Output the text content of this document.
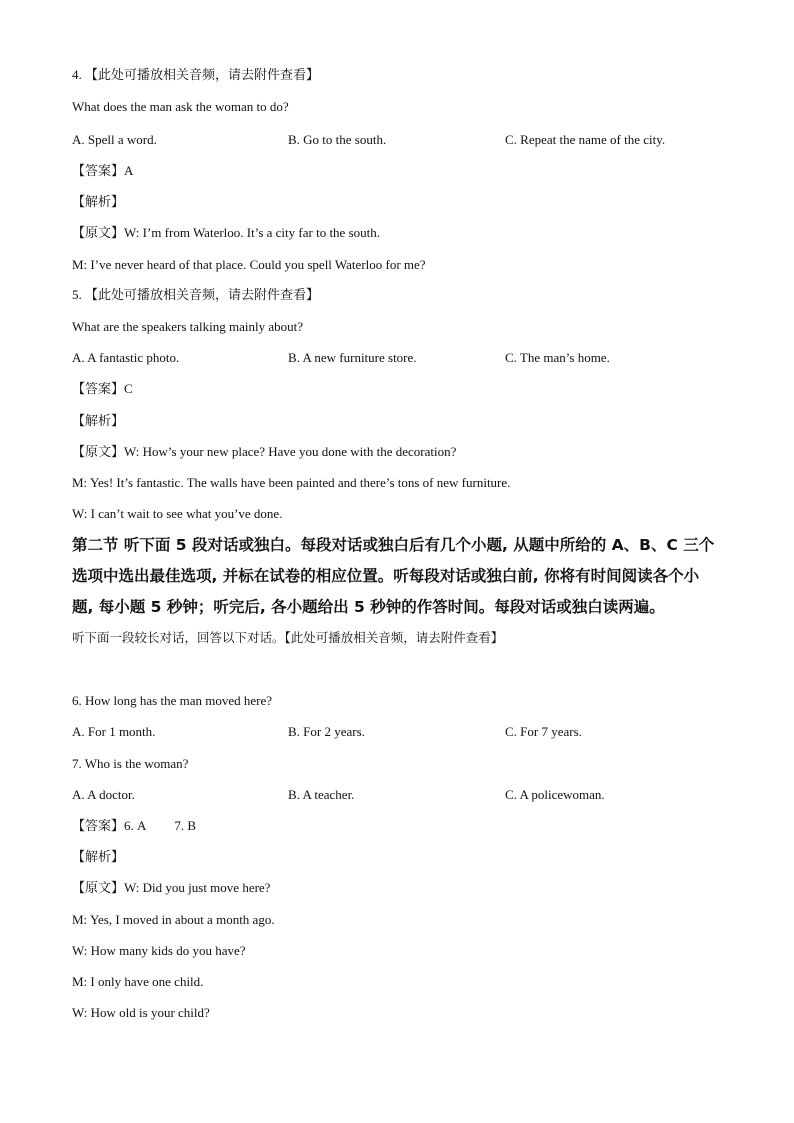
4. 【此处可播放相关音频，请去附件查看】
What does the man ask the woman to do?
A. Spell a word.	B. Go to the south.	C. Repeat the name of the city.
【答案】A
【解析】
【原文】W: I’m from Waterloo. It’s a city far to the south.
M: I’ve never heard of that place. Could you spell Waterloo for me?
5. 【此处可播放相关音频，请去附件查看】
What are the speakers talking mainly about?
A. A fantastic photo.	B. A new furniture store.	C. The man’s home.
【答案】C
【解析】
【原文】W: How’s your new place? Have you done with the decoration?
M: Yes! It’s fantastic. The walls have been painted and there’s tons of new furniture.
W: I can’t wait to see what you’ve done.
第二节 听下面 5 段对话或独白。每段对话或独白后有几个小题, 从题中所给的 A、B、C 三个
选项中选出最佳选项, 并标在试卷的相应位置。听每段对话或独白前, 你将有时间阅读各个小
题, 每小题 5 秒钟；听完后, 各小题给出 5 秒钟的作答时间。每段对话或独白读两遍。
听下面一段较长对话，回答以下对话。【此处可播放相关音频，请去附件查看】
6. How long has the man moved here?
A. For 1 month.	B. For 2 years.	C. For 7 years.
7. Who is the woman?
A. A doctor.	B. A teacher.	C. A policewoman.
【答案】6. A 7. B
【解析】
【原文】W: Did you just move here?
M: Yes, I moved in about a month ago.
W: How many kids do you have?
M: I only have one child.
W: How old is your child?
